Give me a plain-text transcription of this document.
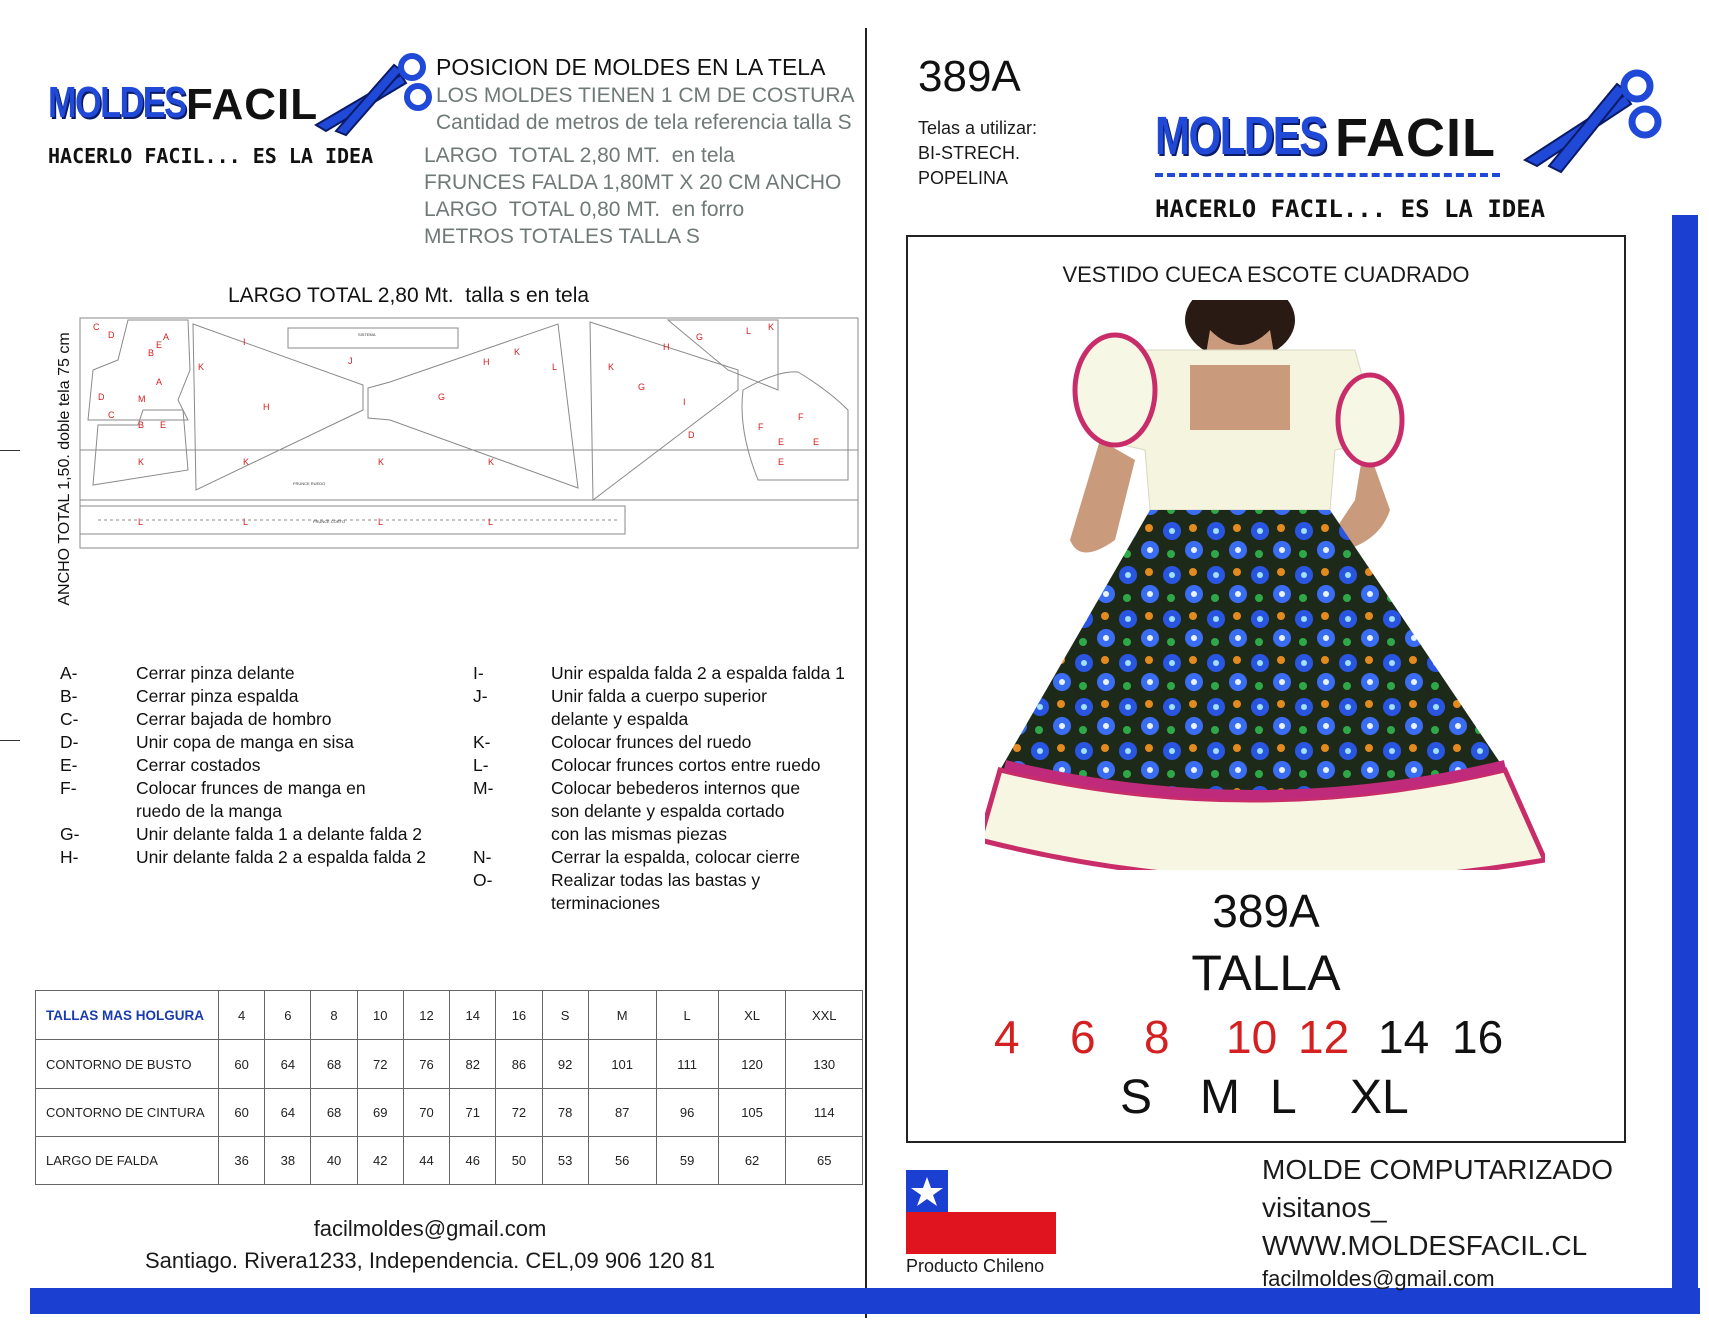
MOLDES FACIL
HACERLO FACIL... ES LA IDEA
POSICION DE MOLDES EN LA TELA
LOS MOLDES TIENEN 1 CM DE COSTURA
Cantidad de metros de tela referencia talla S
LARGO  TOTAL 2,80 MT.  en tela
FRUNCES FALDA 1,80MT X 20 CM ANCHO
LARGO  TOTAL 0,80 MT.  en forro
METROS TOTALES TALLA S
LARGO TOTAL 2,80 Mt.  talla s en tela
ANCHO TOTAL 1,50. doble tela 75 cm
C
D	A
B
E
D
C
B E
M
A
K
I
H
J	H
K
L
G
K
H
G
I
G
L K
F
F
E	E
D
K	K	K	K	E
L	L	L	L
SISTEMA
FRUNCE RUEDO
FRUNCE CORTO
A-	Cerrar pinza delante
B-	Cerrar pinza espalda
C-	Cerrar bajada de hombro
D-	Unir copa de manga en sisa
E-	Cerrar costados
F-	Colocar frunces de manga en
ruedo de la manga
G-	Unir delante falda 1 a delante falda 2
H-	Unir delante falda 2 a espalda falda 2
I-	Unir espalda falda 2 a espalda falda 1
J-	Unir falda a cuerpo superior
delante y espalda
K-	Colocar frunces del ruedo
L-	Colocar frunces cortos entre ruedo
M-	Colocar bebederos internos que
son delante y espalda cortado
con las mismas piezas
N-	Cerrar la espalda, colocar cierre
O-	Realizar todas las bastas y
terminaciones
TALLAS MAS HOLGURA	4	6	8	10	12	14	16	S	M	L	XL	XXL
CONTORNO DE BUSTO	60	64	68	72	76	82	86	92	101	111	120	130
CONTORNO DE CINTURA	60	64	68	69	70	71	72	78	87	96	105	114
LARGO DE FALDA	36	38	40	42	44	46	50	53	56	59	62	65
facilmoldes@gmail.com
Santiago. Rivera1233, Independencia. CEL,09 906 120 81
389A
Telas a utilizar:
BI-STRECH.
POPELINA
MOLDES FACIL
HACERLO FACIL... ES LA IDEA
VESTIDO CUECA ESCOTE CUADRADO
389A
TALLA
4 6 8 10 12 14 16
S M L XL
Producto Chileno
MOLDE COMPUTARIZADO
visitanos_
WWW.MOLDESFACIL.CL
facilmoldes@gmail.com
